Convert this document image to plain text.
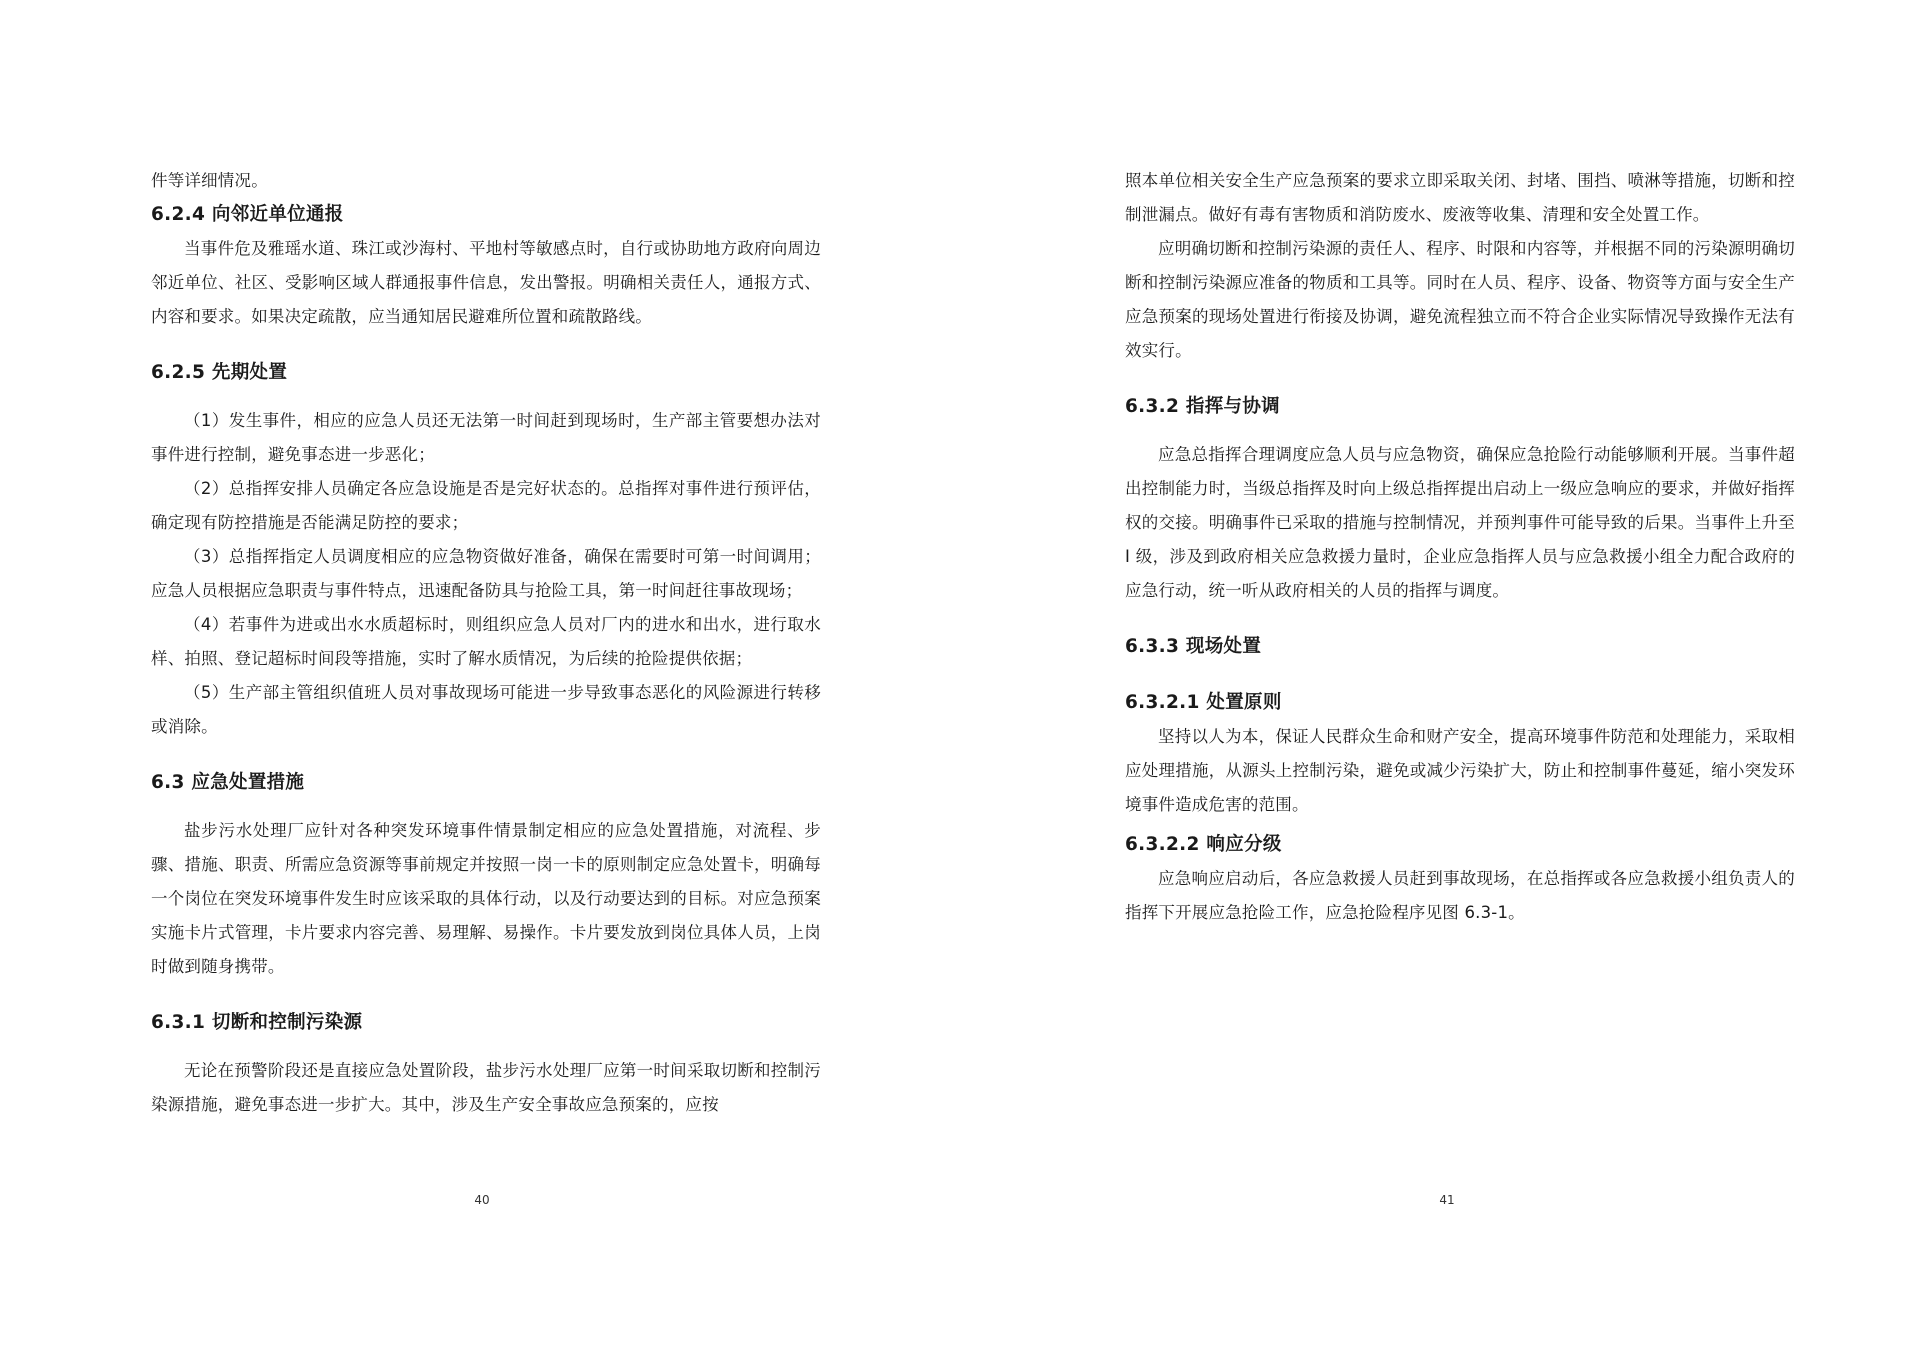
件等详细情况。

6.2.4 向邻近单位通报

当事件危及雅瑶水道、珠江或沙海村、平地村等敏感点时，自行或协助地方政府向周边邻近单位、社区、受影响区域人群通报事件信息，发出警报。明确相关责任人，通报方式、内容和要求。如果决定疏散，应当通知居民避难所位置和疏散路线。

6.2.5 先期处置

（1）发生事件，相应的应急人员还无法第一时间赶到现场时，生产部主管要想办法对事件进行控制，避免事态进一步恶化；

（2）总指挥安排人员确定各应急设施是否是完好状态的。总指挥对事件进行预评估，确定现有防控措施是否能满足防控的要求；

（3）总指挥指定人员调度相应的应急物资做好准备，确保在需要时可第一时间调用；应急人员根据应急职责与事件特点，迅速配备防具与抢险工具，第一时间赶往事故现场；

（4）若事件为进或出水水质超标时，则组织应急人员对厂内的进水和出水，进行取水样、拍照、登记超标时间段等措施，实时了解水质情况，为后续的抢险提供依据；

（5）生产部主管组织值班人员对事故现场可能进一步导致事态恶化的风险源进行转移或消除。

6.3 应急处置措施

盐步污水处理厂应针对各种突发环境事件情景制定相应的应急处置措施，对流程、步骤、措施、职责、所需应急资源等事前规定并按照一岗一卡的原则制定应急处置卡，明确每一个岗位在突发环境事件发生时应该采取的具体行动，以及行动要达到的目标。对应急预案实施卡片式管理，卡片要求内容完善、易理解、易操作。卡片要发放到岗位具体人员，上岗时做到随身携带。

6.3.1 切断和控制污染源

无论在预警阶段还是直接应急处置阶段，盐步污水处理厂应第一时间采取切断和控制污染源措施，避免事态进一步扩大。其中，涉及生产安全事故应急预案的，应按

40

照本单位相关安全生产应急预案的要求立即采取关闭、封堵、围挡、喷淋等措施，切断和控制泄漏点。做好有毒有害物质和消防废水、废液等收集、清理和安全处置工作。

应明确切断和控制污染源的责任人、程序、时限和内容等，并根据不同的污染源明确切断和控制污染源应准备的物质和工具等。同时在人员、程序、设备、物资等方面与安全生产应急预案的现场处置进行衔接及协调，避免流程独立而不符合企业实际情况导致操作无法有效实行。

6.3.2 指挥与协调

应急总指挥合理调度应急人员与应急物资，确保应急抢险行动能够顺利开展。当事件超出控制能力时，当级总指挥及时向上级总指挥提出启动上一级应急响应的要求，并做好指挥权的交接。明确事件已采取的措施与控制情况，并预判事件可能导致的后果。当事件上升至 I 级，涉及到政府相关应急救援力量时，企业应急指挥人员与应急救援小组全力配合政府的应急行动，统一听从政府相关的人员的指挥与调度。

6.3.3 现场处置
6.3.2.1 处置原则

坚持以人为本，保证人民群众生命和财产安全，提高环境事件防范和处理能力，采取相应处理措施，从源头上控制污染，避免或减少污染扩大，防止和控制事件蔓延，缩小突发环境事件造成危害的范围。

6.3.2.2 响应分级

应急响应启动后，各应急救援人员赶到事故现场，在总指挥或各应急救援小组负责人的指挥下开展应急抢险工作，应急抢险程序见图 6.3-1。

41
